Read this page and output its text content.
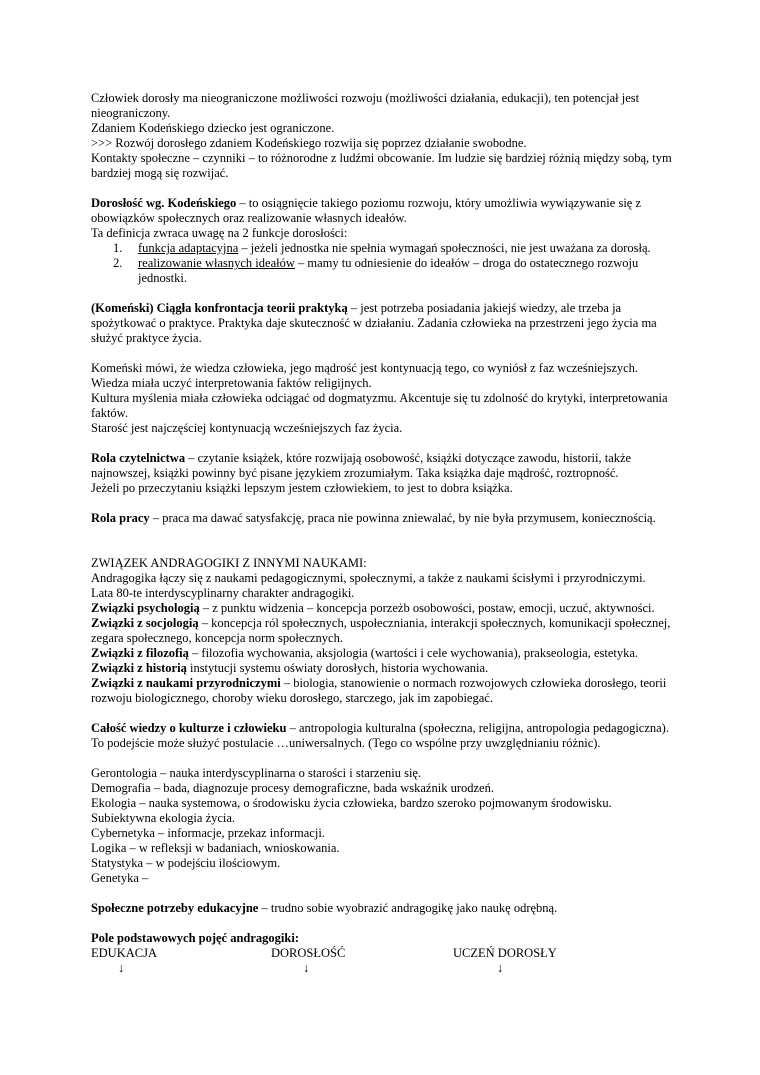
Człowiek dorosły ma nieograniczone możliwości rozwoju (możliwości działania, edukacji), ten potencjał jest nieograniczony.

Zdaniem Kodeńskiego dziecko jest ograniczone.

>>> Rozwój dorosłego zdaniem Kodeńskiego rozwija się poprzez działanie swobodne.

Kontakty społeczne – czynniki – to różnorodne z ludźmi obcowanie. Im ludzie się bardziej różnią między sobą, tym bardziej mogą się rozwijać.

Dorosłość wg. Kodeńskiego – to osiągnięcie takiego poziomu rozwoju, który umożliwia wywiązywanie się z obowiązków społecznych oraz realizowanie własnych ideałów.

Ta definicja zwraca uwagę na 2 funkcje dorosłości:

1. funkcja adaptacyjna – jeżeli jednostka nie spełnia wymagań społeczności, nie jest uważana za dorosłą.
2. realizowanie własnych ideałów – mamy tu odniesienie do ideałów – droga do ostatecznego rozwoju jednostki.

(Komeński) Ciągła konfrontacja teorii praktyką – jest potrzeba posiadania jakiejś wiedzy, ale trzeba ja spożytkować o praktyce. Praktyka daje skuteczność w działaniu. Zadania człowieka na przestrzeni jego życia ma służyć praktyce życia.

Komeński mówi, że wiedza człowieka, jego mądrość jest kontynuacją tego, co wyniósł z faz wcześniejszych.

Wiedza miała uczyć interpretowania faktów religijnych.

Kultura myślenia miała człowieka odciągać od dogmatyzmu. Akcentuje się tu zdolność do krytyki, interpretowania faktów.

Starość jest najczęściej kontynuacją wcześniejszych faz życia.

Rola czytelnictwa – czytanie książek, które rozwijają osobowość, książki dotyczące zawodu, historii, także najnowszej, książki powinny być pisane językiem zrozumiałym. Taka książka daje mądrość, roztropność.

Jeżeli po przeczytaniu książki lepszym jestem człowiekiem, to jest to dobra książka.

Rola pracy – praca ma dawać satysfakcję, praca nie powinna zniewalać, by nie była przymusem, koniecznością.

ZWIĄZEK ANDRAGOGIKI Z INNYMI NAUKAMI:

Andragogika łączy się z naukami pedagogicznymi, społecznymi, a także z naukami ścisłymi i przyrodniczymi.

Lata 80-te interdyscyplinarny charakter andragogiki.

Związki psychologią – z punktu widzenia – koncepcja porzeżb osobowości, postaw, emocji, uczuć, aktywności.

Związki z socjologią – koncepcja ról społecznych, uspołeczniania, interakcji społecznych, komunikacji społecznej, zegara społecznego, koncepcja norm społecznych.

Związki z filozofią – filozofia wychowania, aksjologia (wartości i cele wychowania), prakseologia, estetyka.

Związki z historią instytucji systemu oświaty dorosłych, historia wychowania.

Związki z naukami przyrodniczymi – biologia, stanowienie o normach rozwojowych człowieka dorosłego, teorii rozwoju biologicznego, choroby wieku dorosłego, starczego, jak im zapobiegać.

Całość wiedzy o kulturze i człowieku – antropologia kulturalna (społeczna, religijna, antropologia pedagogiczna). To podejście może służyć postulacie …uniwersalnych. (Tego co wspólne przy uwzględnianiu różnic).

Gerontologia – nauka interdyscyplinarna o starości i starzeniu się.

Demografia – bada, diagnozuje procesy demograficzne, bada wskaźnik urodzeń.

Ekologia – nauka systemowa, o środowisku życia człowieka, bardzo szeroko pojmowanym środowisku.

Subiektywna ekologia życia.

Cybernetyka – informacje, przekaz informacji.

Logika – w refleksji w badaniach, wnioskowania.

Statystyka – w podejściu ilościowym.

Genetyka –

Społeczne potrzeby edukacyjne – trudno sobie wyobrazić andragogikę jako naukę odrębną.

Pole podstawowych pojęć andragogiki:

EDUKACJA	DOROSŁOŚĆ	UCZEŃ DOROSŁY
↓	↓	↓
